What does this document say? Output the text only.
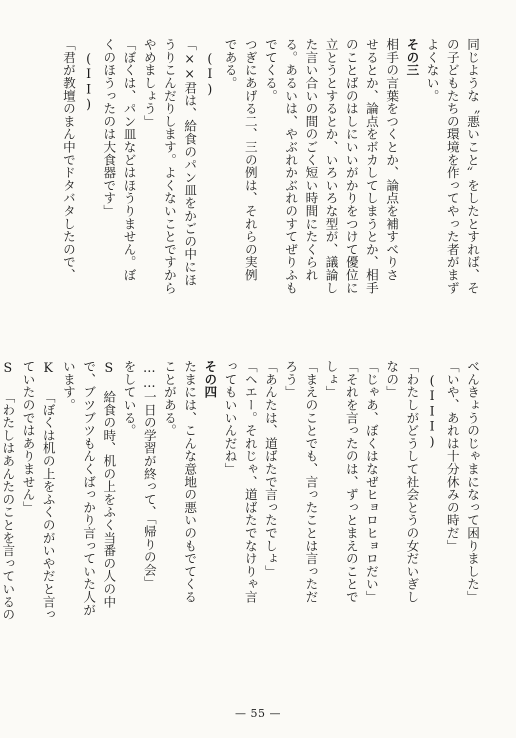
同じような〝悪いこと〟をしたとすれば、そ
の子どもたちの環境を作ってやった者がまず
よくない。
その三
相手の言葉をつくとか、論点を補すべりさ
せるとか、論点をボカしてしまうとか、相手
のことばのはしにいいがかりをつけて優位に
立とうとするとか、いろいろな型が、議論し
た言い合いの間のごく短い時間にたくられ
る。あるいは、やぶれかぶれのすてぜりふも
でてくる。
つぎにあげる二、三の例は、それらの実例
である。
(I)
「××君は、給食のパン皿をかごの中にほ
うりこんだりします。よくないことですから
やめましょう」
「ぼくは、パン皿などはほうりません。ぼ
くのほうったのは大食器です」
(II)
「君が教壇のまん中でドタバタしたので、
べんきょうのじゃまになって困りました」
「いや、あれは十分休みの時だ」
(III)
「わたしがどうして社会とうの女だいぎし
なの」
「じゃあ、ぼくはなぜヒョロヒョロだい」
「それを言ったのは、ずっとまえのことで
しょ」
「まえのことでも、言ったことは言っただ
ろう」
「あんたは、道ばたで言ったでしょ」
「ヘエー。それじゃ、道ばたでなけりゃ言
ってもいいんだね」
その四
たまには、こんな意地の悪いのもでてくる
ことがある。
……一日の学習が終って、「帰りの会」
をしている。
S 給食の時、机の上をふく当番の人の中
で、ブツブツもんくばっかり言っていた人が
います。
K 「ぼくは机の上をふくのがいやだと言っ
ていたのではありません」
S 「わたしはあんたのことを言っているの
— 55 —
